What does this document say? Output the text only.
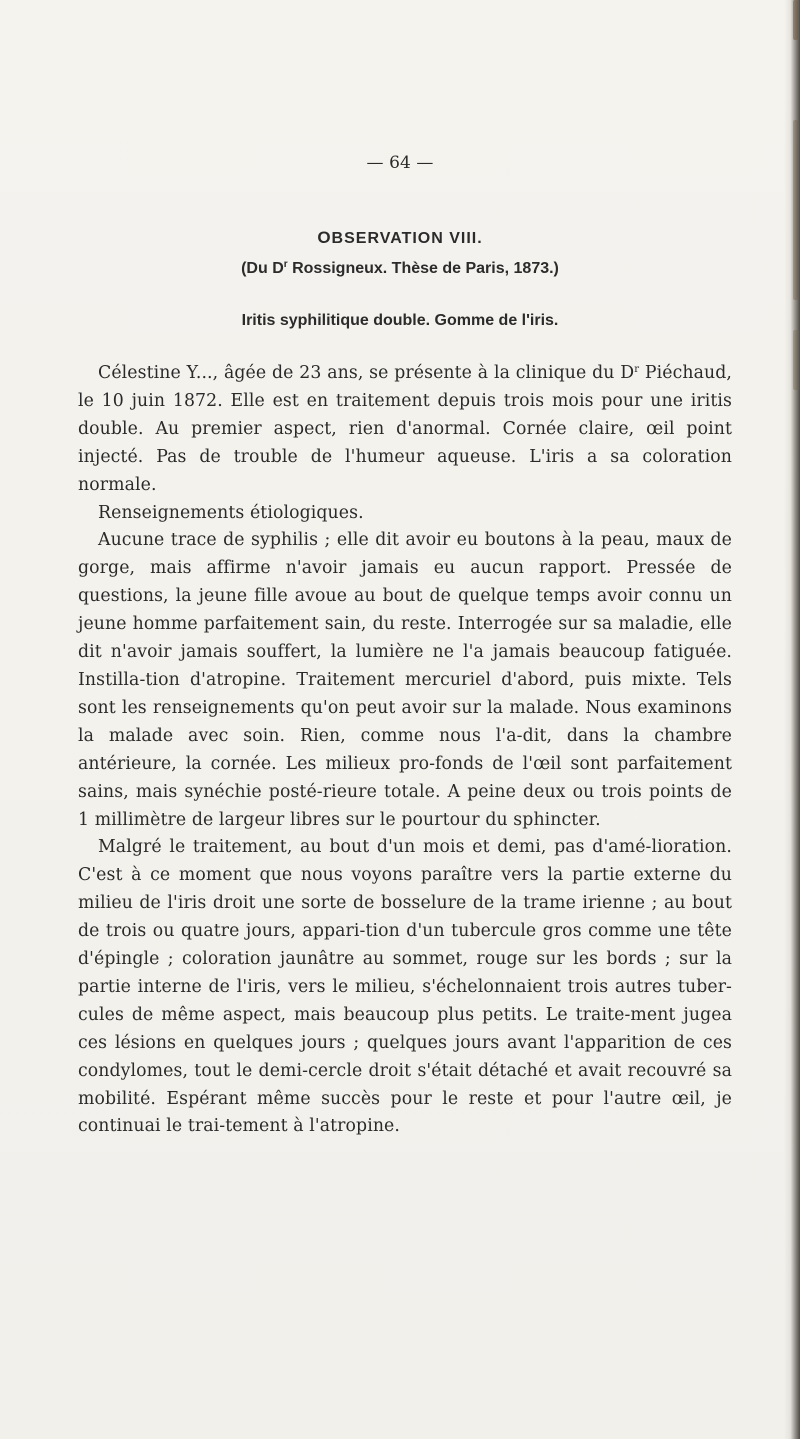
— 64 —
OBSERVATION VIII.
(Du $D^r$ Rossigneux. Thèse de Paris, 1873.)
Iritis syphilitique double. Gomme de l'iris.

Célestine Y..., âgée de 23 ans, se présente à la clinique du $D^r$ Piéchaud, le 10 juin 1872. Elle est en traitement depuis trois mois pour une iritis double. Au premier aspect, rien d'anormal. Cornée claire, œil point injecté. Pas de trouble de l'humeur aqueuse. L'iris a sa coloration normale.

Renseignements étiologiques.

Aucune trace de syphilis ; elle dit avoir eu boutons à la peau, maux de gorge, mais affirme n'avoir jamais eu aucun rapport. Pressée de questions, la jeune fille avoue au bout de quelque temps avoir connu un jeune homme parfaitement sain, du reste. Interrogée sur sa maladie, elle dit n'avoir jamais souffert, la lumière ne l'a jamais beaucoup fatiguée. Instilla-tion d'atropine. Traitement mercuriel d'abord, puis mixte. Tels sont les renseignements qu'on peut avoir sur la malade. Nous examinons la malade avec soin. Rien, comme nous l'a-dit, dans la chambre antérieure, la cornée. Les milieux pro-fonds de l'œil sont parfaitement sains, mais synéchie posté-rieure totale. A peine deux ou trois points de 1 millimètre de largeur libres sur le pourtour du sphincter.

Malgré le traitement, au bout d'un mois et demi, pas d'amé-lioration. C'est à ce moment que nous voyons paraître vers la partie externe du milieu de l'iris droit une sorte de bosselure de la trame irienne ; au bout de trois ou quatre jours, appari-tion d'un tubercule gros comme une tête d'épingle ; coloration jaunâtre au sommet, rouge sur les bords ; sur la partie interne de l'iris, vers le milieu, s'échelonnaient trois autres tuber-cules de même aspect, mais beaucoup plus petits. Le traite-ment jugea ces lésions en quelques jours ; quelques jours avant l'apparition de ces condylomes, tout le demi-cercle droit s'était détaché et avait recouvré sa mobilité. Espérant même succès pour le reste et pour l'autre œil, je continuai le trai-tement à l'atropine.
